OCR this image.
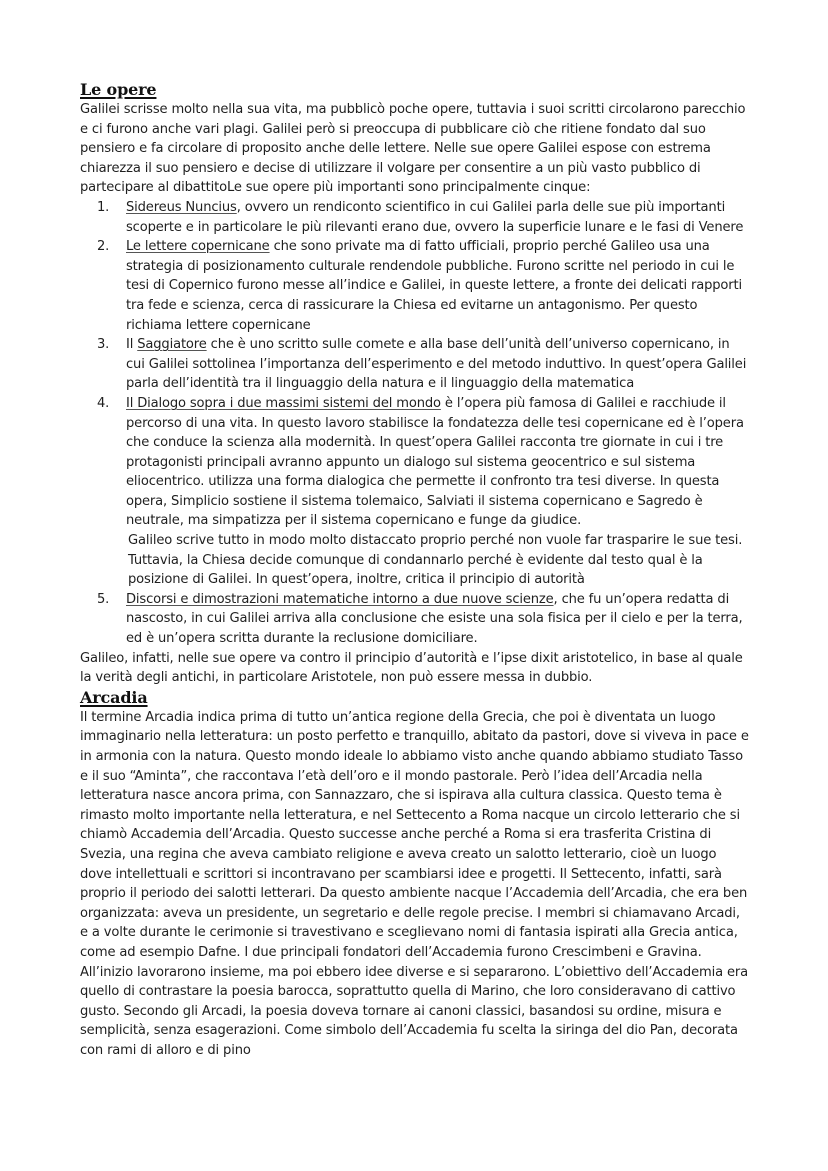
Le opere

Galilei scrisse molto nella sua vita, ma pubblicò poche opere, tuttavia i suoi scritti circolarono parecchio e ci furono anche vari plagi. Galilei però si preoccupa di pubblicare ciò che ritiene fondato dal suo pensiero e fa circolare di proposito anche delle lettere. Nelle sue opere Galilei espose con estrema chiarezza il suo pensiero e decise di utilizzare il volgare per consentire a un più vasto pubblico di partecipare al dibattitoLe sue opere più importanti sono principalmente cinque:

1. Sidereus Nuncius, ovvero un rendiconto scientifico in cui Galilei parla delle sue più importanti scoperte e in particolare le più rilevanti erano due, ovvero la superficie lunare e le fasi di Venere
2. Le lettere copernicane che sono private ma di fatto ufficiali, proprio perché Galileo usa una strategia di posizionamento culturale rendendole pubbliche. Furono scritte nel periodo in cui le tesi di Copernico furono messe all’indice e Galilei, in queste lettere, a fronte dei delicati rapporti tra fede e scienza, cerca di rassicurare la Chiesa ed evitarne un antagonismo. Per questo richiama lettere copernicane
3. Il Saggiatore che è uno scritto sulle comete e alla base dell’unità dell’universo copernicano, in cui Galilei sottolinea l’importanza dell’esperimento e del metodo induttivo. In quest’opera Galilei parla dell’identità tra il linguaggio della natura e il linguaggio della matematica
4. Il Dialogo sopra i due massimi sistemi del mondo è l’opera più famosa di Galilei e racchiude il percorso di una vita. In questo lavoro stabilisce la fondatezza delle tesi copernicane ed è l’opera che conduce la scienza alla modernità. In quest’opera Galilei racconta tre giornate in cui i tre protagonisti principali avranno appunto un dialogo sul sistema geocentrico e sul sistema eliocentrico. utilizza una forma dialogica che permette il confronto tra tesi diverse. In questa opera, Simplicio sostiene il sistema tolemaico, Salviati il sistema copernicano e Sagredo è neutrale, ma simpatizza per il sistema copernicano e funge da giudice.
Galileo scrive tutto in modo molto distaccato proprio perché non vuole far trasparire le sue tesi. Tuttavia, la Chiesa decide comunque di condannarlo perché è evidente dal testo qual è la posizione di Galilei. In quest’opera, inoltre, critica il principio di autorità
5. Discorsi e dimostrazioni matematiche intorno a due nuove scienze, che fu un’opera redatta di nascosto, in cui Galilei arriva alla conclusione che esiste una sola fisica per il cielo e per la terra, ed è un’opera scritta durante la reclusione domiciliare.

Galileo, infatti, nelle sue opere va contro il principio d’autorità e l’ipse dixit aristotelico, in base al quale la verità degli antichi, in particolare Aristotele, non può essere messa in dubbio.

Arcadia

Il termine Arcadia indica prima di tutto un’antica regione della Grecia, che poi è diventata un luogo immaginario nella letteratura: un posto perfetto e tranquillo, abitato da pastori, dove si viveva in pace e in armonia con la natura. Questo mondo ideale lo abbiamo visto anche quando abbiamo studiato Tasso e il suo “Aminta”, che raccontava l’età dell’oro e il mondo pastorale. Però l’idea dell’Arcadia nella letteratura nasce ancora prima, con Sannazzaro, che si ispirava alla cultura classica. Questo tema è rimasto molto importante nella letteratura, e nel Settecento a Roma nacque un circolo letterario che si chiamò Accademia dell’Arcadia. Questo successe anche perché a Roma si era trasferita Cristina di Svezia, una regina che aveva cambiato religione e aveva creato un salotto letterario, cioè un luogo dove intellettuali e scrittori si incontravano per scambiarsi idee e progetti. Il Settecento, infatti, sarà proprio il periodo dei salotti letterari. Da questo ambiente nacque l’Accademia dell’Arcadia, che era ben organizzata: aveva un presidente, un segretario e delle regole precise. I membri si chiamavano Arcadi, e a volte durante le cerimonie si travestivano e sceglievano nomi di fantasia ispirati alla Grecia antica, come ad esempio Dafne. I due principali fondatori dell’Accademia furono Crescimbeni e Gravina. All’inizio lavorarono insieme, ma poi ebbero idee diverse e si separarono. L’obiettivo dell’Accademia era quello di contrastare la poesia barocca, soprattutto quella di Marino, che loro consideravano di cattivo gusto. Secondo gli Arcadi, la poesia doveva tornare ai canoni classici, basandosi su ordine, misura e semplicità, senza esagerazioni. Come simbolo dell’Accademia fu scelta la siringa del dio Pan, decorata con rami di alloro e di pino
